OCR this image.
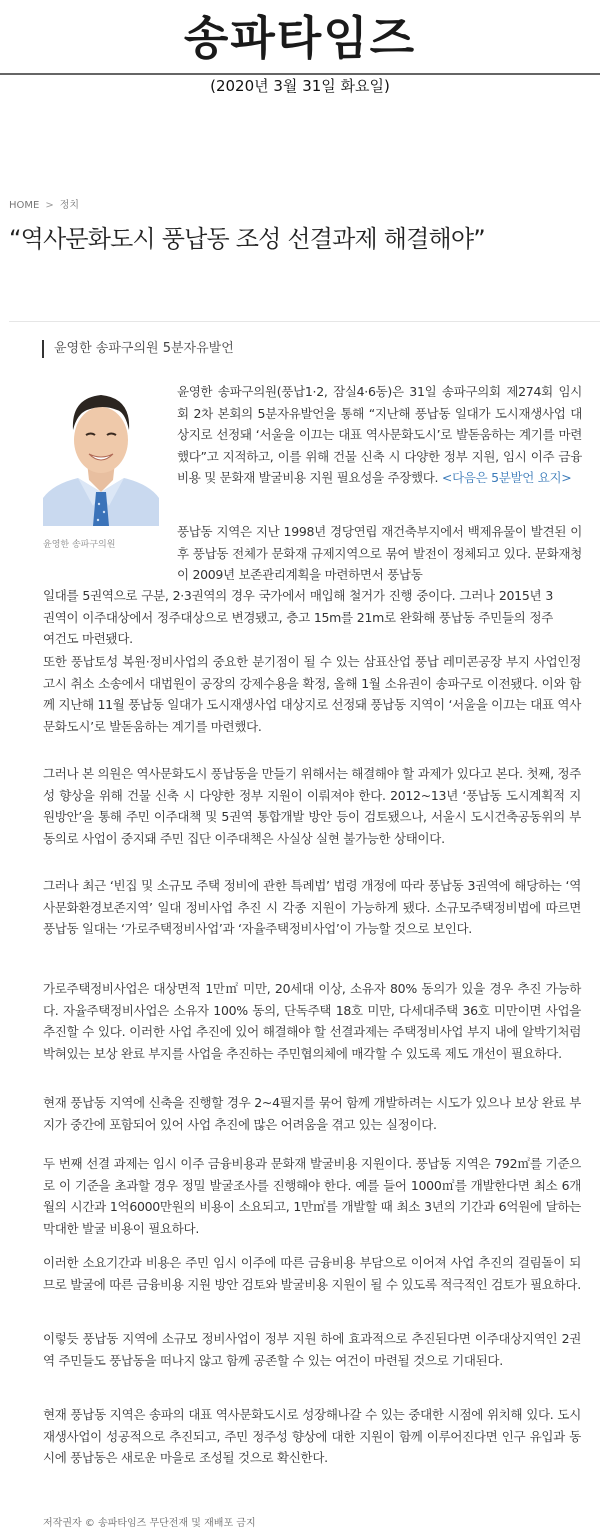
송파타임즈
(2020년 3월 31일 화요일)
HOME > 정치
“역사문화도시 풍납동 조성 선결과제 해결해야”
윤영한 송파구의원 5분자유발언
윤영한 송파구의원
윤영한 송파구의원(풍납1·2, 잠실4·6동)은 31일 송파구의회 제274회 임시회 2차 본회의 5분자유발언을 통해 “지난해 풍납동 일대가 도시재생사업 대상지로 선정돼 ‘서울을 이끄는 대표 역사문화도시’로 발돋움하는 계기를 마련했다”고 지적하고, 이를 위해 건물 신축 시 다양한 정부 지원, 임시 이주 금융비용 및 문화재 발굴비용 지원 필요성을 주장했다. <다음은 5분발언 요지>
풍납동 지역은 지난 1998년 경당연립 재건축부지에서 백제유물이 발견된 이후 풍납동 전체가 문화재 규제지역으로 묶여 발전이 정체되고 있다. 문화재청이 2009년 보존관리계획을 마련하면서 풍납동
일대를 5권역으로 구분, 2·3권역의 경우 국가에서 매입해 철거가 진행 중이다. 그러나 2015년 3권역이 이주대상에서 정주대상으로 변경됐고, 층고 15m를 21m로 완화해 풍납동 주민들의 정주 여건도 마련됐다.
또한 풍납토성 복원·정비사업의 중요한 분기점이 될 수 있는 삼표산업 풍납 레미콘공장 부지 사업인정 고시 취소 소송에서 대법원이 공장의 강제수용을 확정, 올해 1월 소유권이 송파구로 이전됐다. 이와 함께 지난해 11월 풍납동 일대가 도시재생사업 대상지로 선정돼 풍납동 지역이 ‘서울을 이끄는 대표 역사문화도시’로 발돋움하는 계기를 마련했다.
그러나 본 의원은 역사문화도시 풍납동을 만들기 위해서는 해결해야 할 과제가 있다고 본다. 첫째, 정주성 향상을 위해 건물 신축 시 다양한 정부 지원이 이뤄져야 한다. 2012~13년 ‘풍납동 도시계획적 지원방안’을 통해 주민 이주대책 및 5권역 통합개발 방안 등이 검토됐으나, 서울시 도시건축공동위의 부동의로 사업이 중지돼 주민 집단 이주대책은 사실상 실현 불가능한 상태이다.
그러나 최근 ‘빈집 및 소규모 주택 정비에 관한 특례법’ 법령 개정에 따라 풍납동 3권역에 해당하는 ‘역사문화환경보존지역’ 일대 정비사업 추진 시 각종 지원이 가능하게 됐다. 소규모주택정비법에 따르면 풍납동 일대는 ‘가로주택정비사업’과 ‘자율주택정비사업’이 가능할 것으로 보인다.
가로주택정비사업은 대상면적 1만㎡ 미만, 20세대 이상, 소유자 80% 동의가 있을 경우 추진 가능하다. 자율주택정비사업은 소유자 100% 동의, 단독주택 18호 미만, 다세대주택 36호 미만이면 사업을 추진할 수 있다. 이러한 사업 추진에 있어 해결해야 할 선결과제는 주택정비사업 부지 내에 알박기처럼 박혀있는 보상 완료 부지를 사업을 추진하는 주민협의체에 매각할 수 있도록 제도 개선이 필요하다.
현재 풍납동 지역에 신축을 진행할 경우 2~4필지를 묶어 함께 개발하려는 시도가 있으나 보상 완료 부지가 중간에 포함되어 있어 사업 추진에 많은 어려움을 겪고 있는 실정이다.
두 번째 선결 과제는 임시 이주 금융비용과 문화재 발굴비용 지원이다. 풍납동 지역은 792㎡를 기준으로 이 기준을 초과할 경우 정밀 발굴조사를 진행해야 한다. 예를 들어 1000㎡를 개발한다면 최소 6개월의 시간과 1억6000만원의 비용이 소요되고, 1만㎡를 개발할 때 최소 3년의 기간과 6억원에 달하는 막대한 발굴 비용이 필요하다.
이러한 소요기간과 비용은 주민 임시 이주에 따른 금융비용 부담으로 이어져 사업 추진의 걸림돌이 되므로 발굴에 따른 금융비용 지원 방안 검토와 발굴비용 지원이 될 수 있도록 적극적인 검토가 필요하다.
이렇듯 풍납동 지역에 소규모 정비사업이 정부 지원 하에 효과적으로 추진된다면 이주대상지역인 2권역 주민들도 풍납동을 떠나지 않고 함께 공존할 수 있는 여건이 마련될 것으로 기대된다.
현재 풍납동 지역은 송파의 대표 역사문화도시로 성장해나갈 수 있는 중대한 시점에 위치해 있다. 도시재생사업이 성공적으로 추진되고, 주민 정주성 향상에 대한 지원이 함께 이루어진다면 인구 유입과 동시에 풍납동은 새로운 마을로 조성될 것으로 확신한다.
저작권자 © 송파타임즈 무단전재 및 재배포 금지
